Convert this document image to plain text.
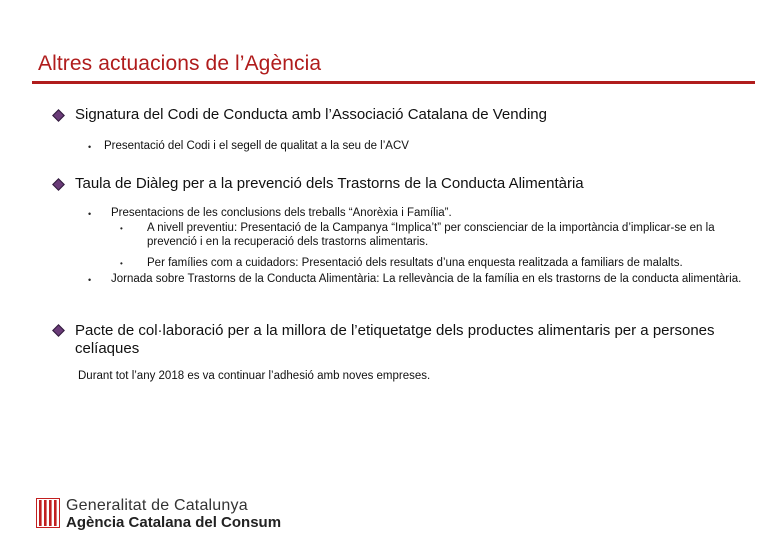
Altres actuacions de l’Agència

Signatura del Codi de Conducta amb l’Associació Catalana de Vending

• Presentació del Codi i el segell de qualitat a la seu de l’ACV

Taula de Diàleg per a la prevenció dels Trastorns de la Conducta Alimentària

• Presentacions de les conclusions dels treballs “Anorèxia i Família”.

• A nivell preventiu: Presentació de la Campanya “Implica’t” per conscienciar de la importància d’implicar-se en la prevenció i en la recuperació dels trastorns alimentaris.

• Per famílies com a cuidadors: Presentació dels resultats d’una enquesta realitzada a familiars de malalts.

• Jornada sobre Trastorns de la Conducta Alimentària: La rellevància de la família en els trastorns de la conducta alimentària.

Pacte de col·laboració per a la millora de l’etiquetatge dels productes alimentaris per a persones celíaques

Durant tot l’any 2018 es va continuar l’adhesió amb noves empreses.

Generalitat de Catalunya

Agència Catalana del Consum
